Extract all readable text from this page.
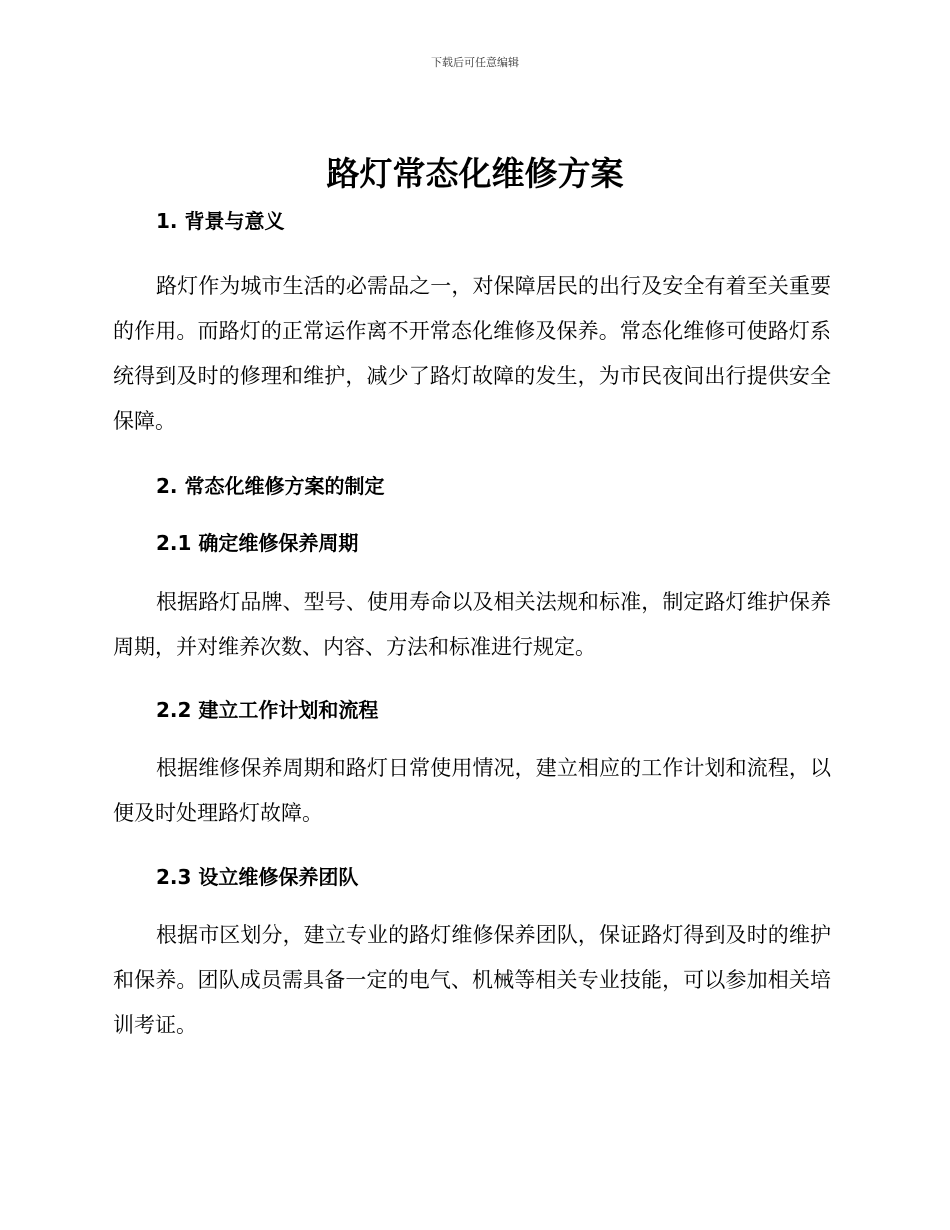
下载后可任意编辑
路灯常态化维修方案
1. 背景与意义

路灯作为城市生活的必需品之一，对保障居民的出行及安全有着至关重要的作用。而路灯的正常运作离不开常态化维修及保养。常态化维修可使路灯系统得到及时的修理和维护，减少了路灯故障的发生，为市民夜间出行提供安全保障。

2. 常态化维修方案的制定
2.1 确定维修保养周期

根据路灯品牌、型号、使用寿命以及相关法规和标准，制定路灯维护保养周期，并对维养次数、内容、方法和标准进行规定。

2.2 建立工作计划和流程

根据维修保养周期和路灯日常使用情况，建立相应的工作计划和流程，以便及时处理路灯故障。

2.3 设立维修保养团队

根据市区划分，建立专业的路灯维修保养团队，保证路灯得到及时的维护和保养。团队成员需具备一定的电气、机械等相关专业技能，可以参加相关培训考证。
